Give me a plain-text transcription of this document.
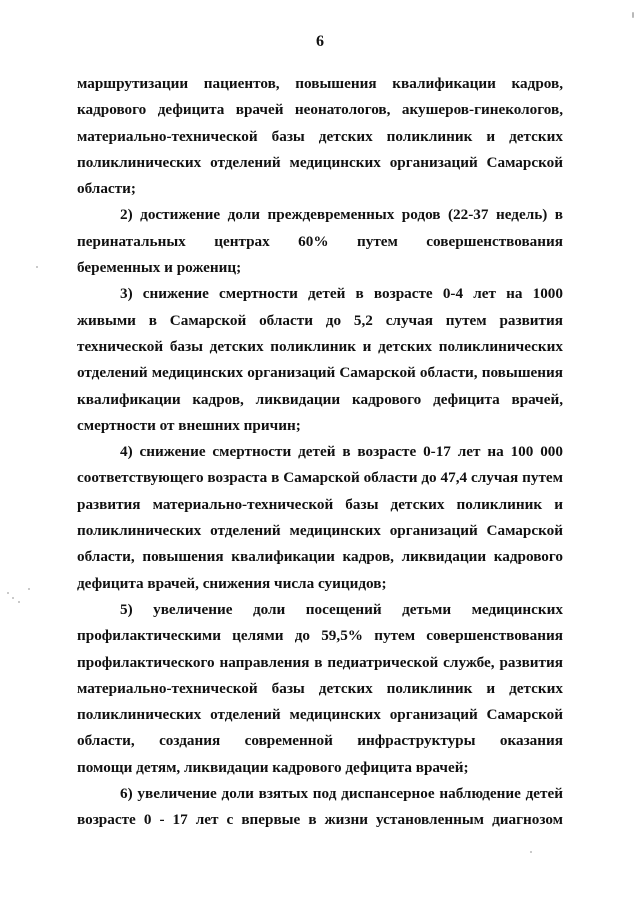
6
маршрутизации пациентов, повышения квалификации кадров,
кадрового дефицита врачей неонатологов, акушеров-гинекологов,
материально-технической базы детских поликлиник и детских
поликлинических отделений медицинских организаций Самарской
области;
2) достижение доли преждевременных родов (22-37 недель) в
перинатальных центрах 60% путем совершенствования
беременных и рожениц;
3) снижение смертности детей в возрасте 0-4 лет на 1000
живыми в Самарской области до 5,2 случая путем развития
технической базы детских поликлиник и детских поликлинических
отделений медицинских организаций Самарской области, повышения
квалификации кадров, ликвидации кадрового дефицита врачей,
смертности от внешних причин;
4) снижение смертности детей в возрасте 0-17 лет на 100 000
соответствующего возраста в Самарской области до 47,4 случая путем
развития материально-технической базы детских поликлиник и
поликлинических отделений медицинских организаций Самарской
области, повышения квалификации кадров, ликвидации кадрового
дефицита врачей, снижения числа суицидов;
5) увеличение доли посещений детьми медицинских
профилактическими целями до 59,5% путем совершенствования
профилактического направления в педиатрической службе, развития
материально-технической базы детских поликлиник и детских
поликлинических отделений медицинских организаций Самарской
области, создания современной инфраструктуры оказания
помощи детям, ликвидации кадрового дефицита врачей;
6) увеличение доли взятых под диспансерное наблюдение детей
возрасте 0 - 17 лет с впервые в жизни установленным диагнозом
